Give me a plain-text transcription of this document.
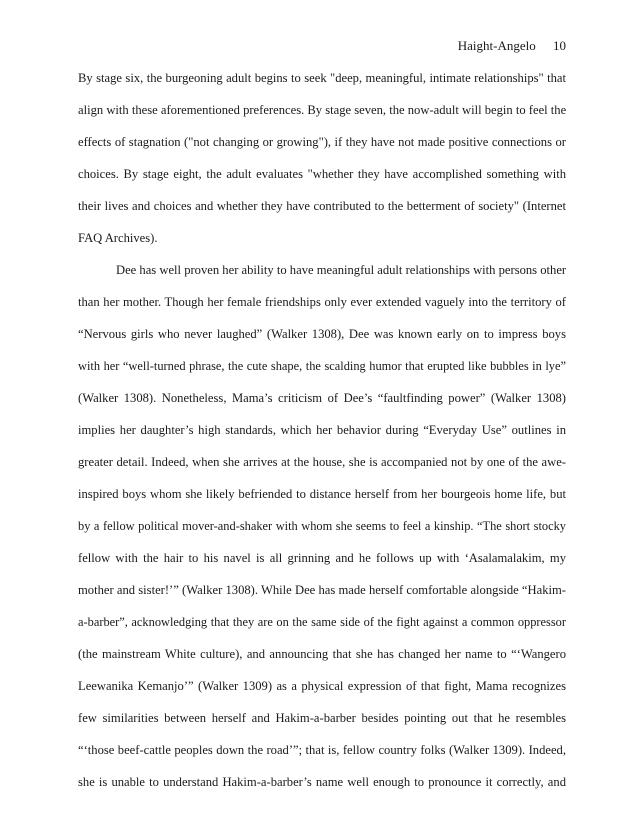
Haight-Angelo 10

By stage six, the burgeoning adult begins to seek "deep, meaningful, intimate relationships" that
align with these aforementioned preferences. By stage seven, the now-adult will begin to feel the
effects of stagnation ("not changing or growing"), if they have not made positive connections or
choices. By stage eight, the adult evaluates "whether they have accomplished something with
their lives and choices and whether they have contributed to the betterment of society" (Internet
FAQ Archives).

Dee has well proven her ability to have meaningful adult relationships with persons other
than her mother. Though her female friendships only ever extended vaguely into the territory of
“Nervous girls who never laughed” (Walker 1308), Dee was known early on to impress boys
with her “well-turned phrase, the cute shape, the scalding humor that erupted like bubbles in lye”
(Walker 1308). Nonetheless, Mama’s criticism of Dee’s “faultfinding power” (Walker 1308)
implies her daughter’s high standards, which her behavior during “Everyday Use” outlines in
greater detail. Indeed, when she arrives at the house, she is accompanied not by one of the awe-
inspired boys whom she likely befriended to distance herself from her bourgeois home life, but
by a fellow political mover-and-shaker with whom she seems to feel a kinship. “The short stocky
fellow with the hair to his navel is all grinning and he follows up with ‘Asalamalakim, my
mother and sister!’” (Walker 1308). While Dee has made herself comfortable alongside “Hakim-
a-barber”, acknowledging that they are on the same side of the fight against a common oppressor
(the mainstream White culture), and announcing that she has changed her name to “‘Wangero
Leewanika Kemanjo’” (Walker 1309) as a physical expression of that fight, Mama recognizes
few similarities between herself and Hakim-a-barber besides pointing out that he resembles
“‘those beef-cattle peoples down the road’”; that is, fellow country folks (Walker 1309). Indeed,
she is unable to understand Hakim-a-barber’s name well enough to pronounce it correctly, and
